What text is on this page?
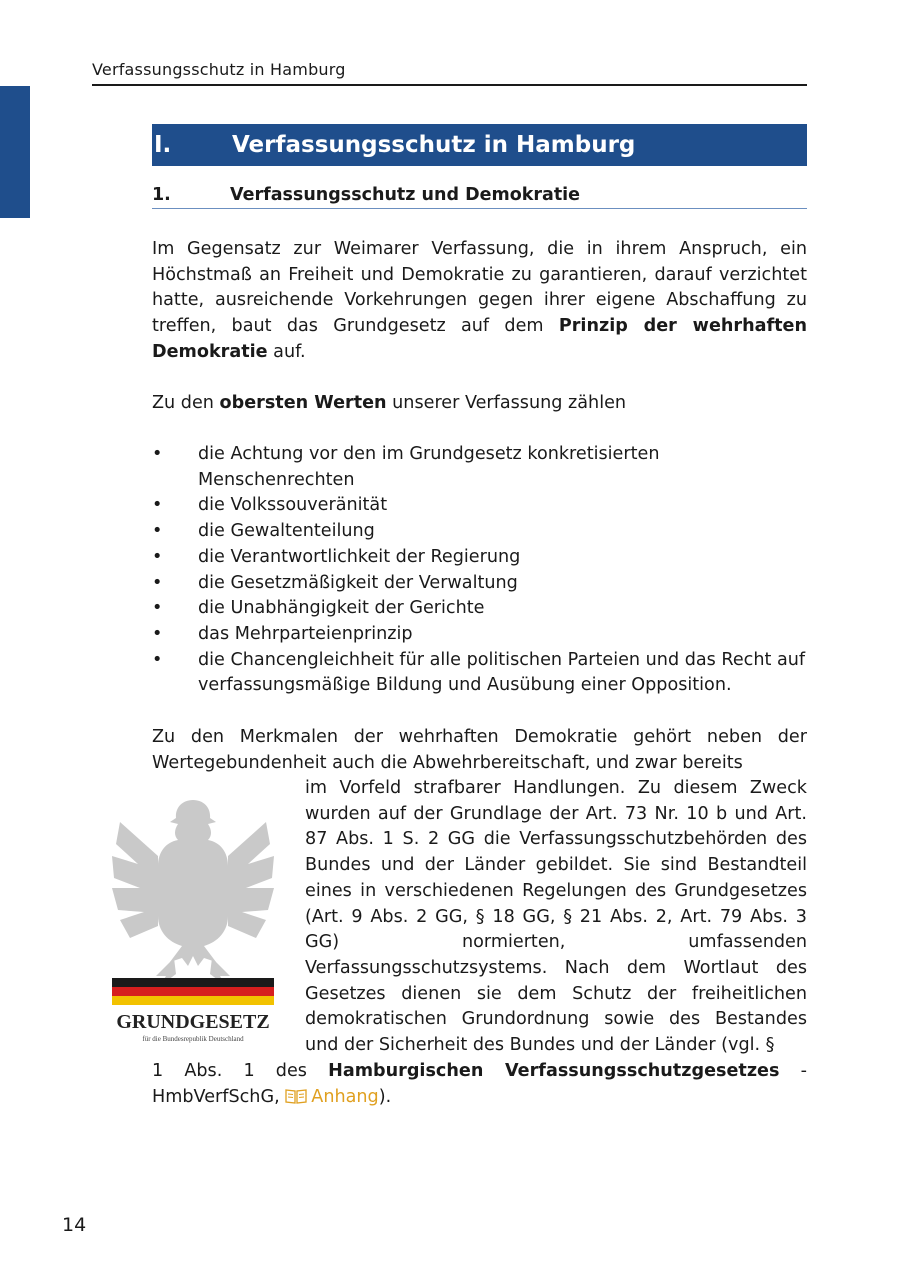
Verfassungsschutz in Hamburg
I.	Verfassungsschutz in Hamburg
1.	Verfassungsschutz und Demokratie
Im Gegensatz zur Weimarer Verfassung, die in ihrem Anspruch, ein Höchstmaß an Freiheit und Demokratie zu garantieren, darauf verzichtet hatte, ausreichende Vorkehrungen gegen ihrer eigene Abschaffung zu treffen, baut das Grundgesetz auf dem Prinzip der wehrhaften Demokratie auf.
Zu den obersten Werten unserer Verfassung zählen
• die Achtung vor den im Grundgesetz konkretisierten Menschenrechten
• die Volkssouveränität
• die Gewaltenteilung
• die Verantwortlichkeit der Regierung
• die Gesetzmäßigkeit der Verwaltung
• die Unabhängigkeit der Gerichte
• das Mehrparteienprinzip
• die Chancengleichheit für alle politischen Parteien und das Recht auf verfassungsmäßige Bildung und Ausübung einer Opposition.
Zu den Merkmalen der wehrhaften Demokratie gehört neben der Wertegebundenheit auch die Abwehrbereitschaft, und zwar bereits
GRUNDGESETZ
für die Bundesrepublik Deutschland
im Vorfeld strafbarer Handlungen. Zu diesem Zweck wurden auf der Grundlage der Art. 73 Nr. 10 b und Art. 87 Abs. 1 S. 2 GG die Verfassungsschutzbehörden des Bundes und der Länder gebildet. Sie sind Bestandteil eines in verschiedenen Regelungen des Grundgesetzes (Art. 9 Abs. 2 GG, § 18 GG, § 21 Abs. 2, Art. 79 Abs. 3 GG) normierten, umfassenden Verfassungsschutzsystems. Nach dem Wortlaut des Gesetzes dienen sie dem Schutz der freiheitlichen demokratischen Grundordnung sowie des Bestandes und der Sicherheit des Bundes und der Länder (vgl. §
1 Abs. 1 des Hamburgischen Verfassungsschutzgesetzes - HmbVerfSchG, Anhang).
14
